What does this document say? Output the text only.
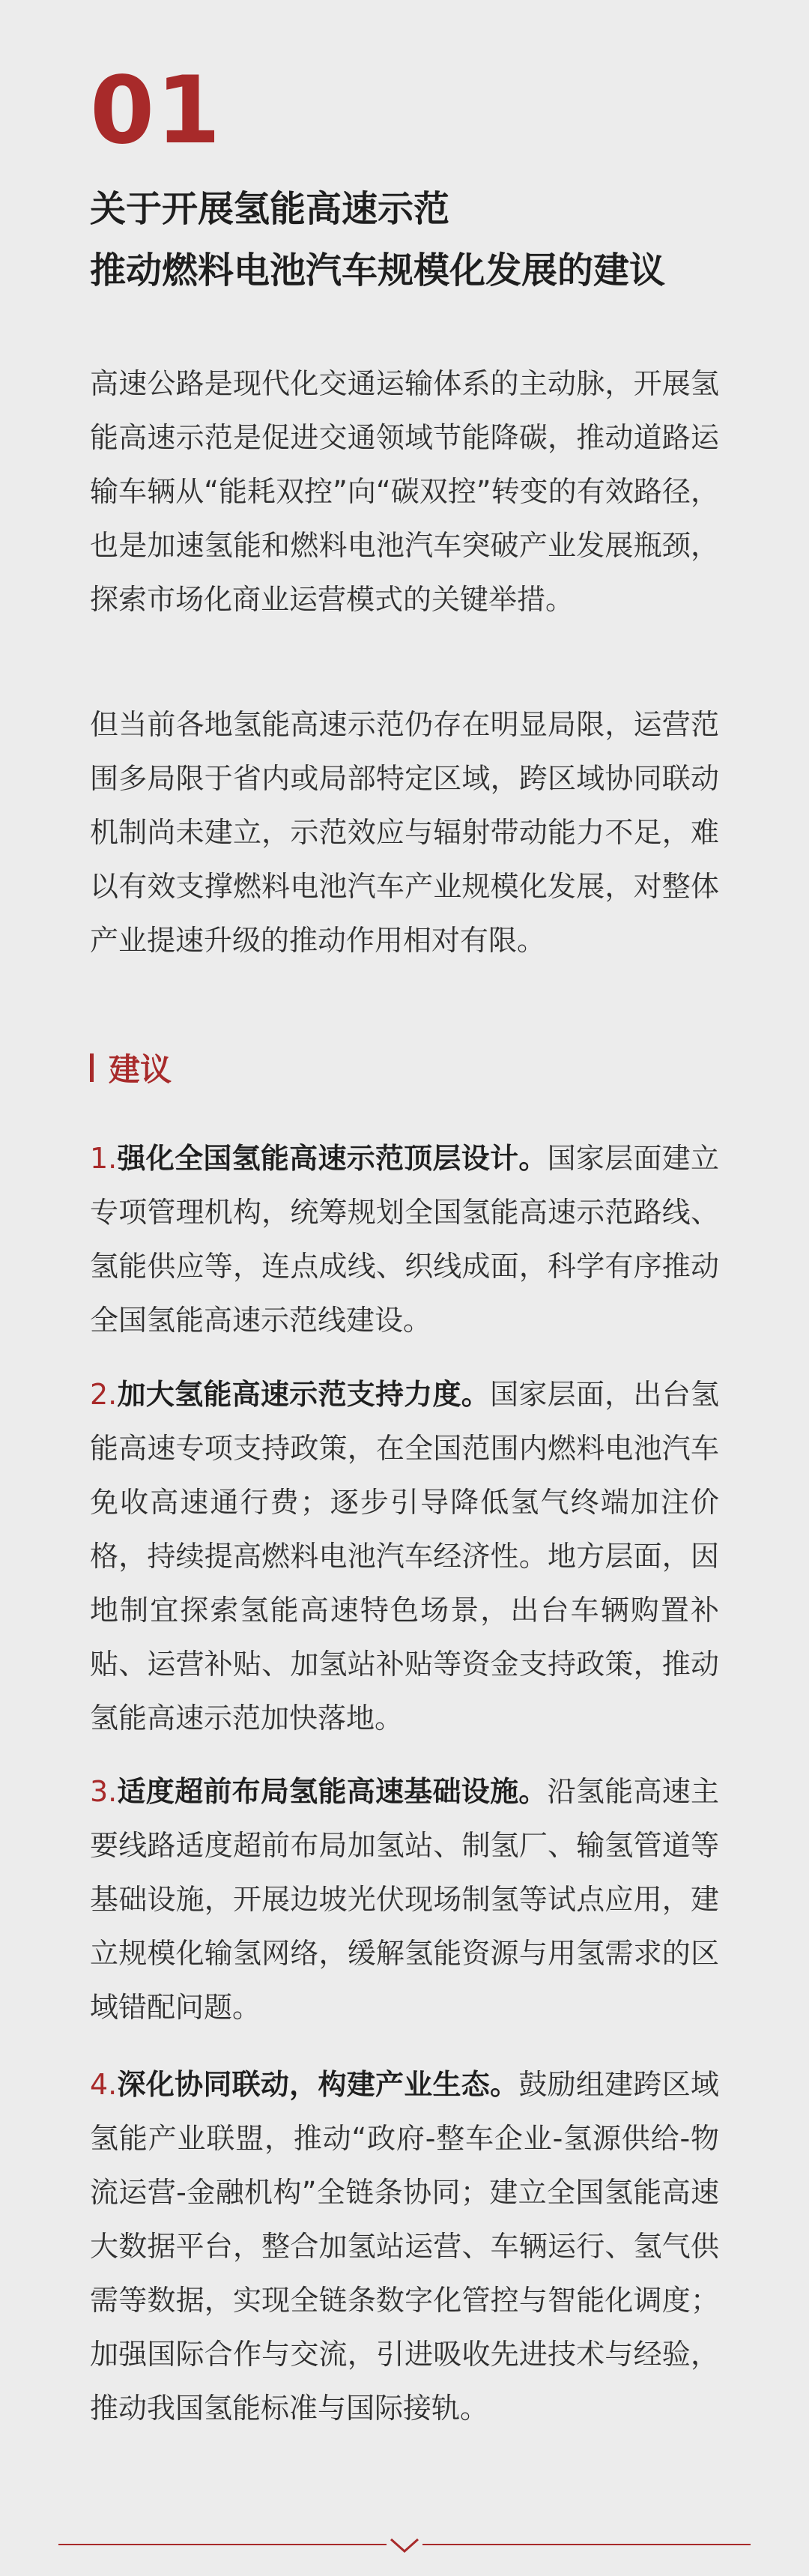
01
关于开展氢能高速示范
推动燃料电池汽车规模化发展的建议
高速公路是现代化交通运输体系的主动脉，开展氢能高速示范是促进交通领域节能降碳，推动道路运输车辆从“能耗双控”向“碳双控”转变的有效路径，也是加速氢能和燃料电池汽车突破产业发展瓶颈，探索市场化商业运营模式的关键举措。
但当前各地氢能高速示范仍存在明显局限，运营范围多局限于省内或局部特定区域，跨区域协同联动机制尚未建立，示范效应与辐射带动能力不足，难以有效支撑燃料电池汽车产业规模化发展，对整体产业提速升级的推动作用相对有限。
建议
1.强化全国氢能高速示范顶层设计。国家层面建立专项管理机构，统筹规划全国氢能高速示范路线、氢能供应等，连点成线、织线成面，科学有序推动全国氢能高速示范线建设。
2.加大氢能高速示范支持力度。国家层面，出台氢能高速专项支持政策，在全国范围内燃料电池汽车免收高速通行费；逐步引导降低氢气终端加注价格，持续提高燃料电池汽车经济性。地方层面，因地制宜探索氢能高速特色场景，出台车辆购置补贴、运营补贴、加氢站补贴等资金支持政策，推动氢能高速示范加快落地。
3.适度超前布局氢能高速基础设施。沿氢能高速主要线路适度超前布局加氢站、制氢厂、输氢管道等基础设施，开展边坡光伏现场制氢等试点应用，建立规模化输氢网络，缓解氢能资源与用氢需求的区域错配问题。
4.深化协同联动，构建产业生态。鼓励组建跨区域氢能产业联盟，推动“政府-整车企业-氢源供给-物流运营-金融机构”全链条协同；建立全国氢能高速大数据平台，整合加氢站运营、车辆运行、氢气供需等数据，实现全链条数字化管控与智能化调度；加强国际合作与交流，引进吸收先进技术与经验，推动我国氢能标准与国际接轨。
